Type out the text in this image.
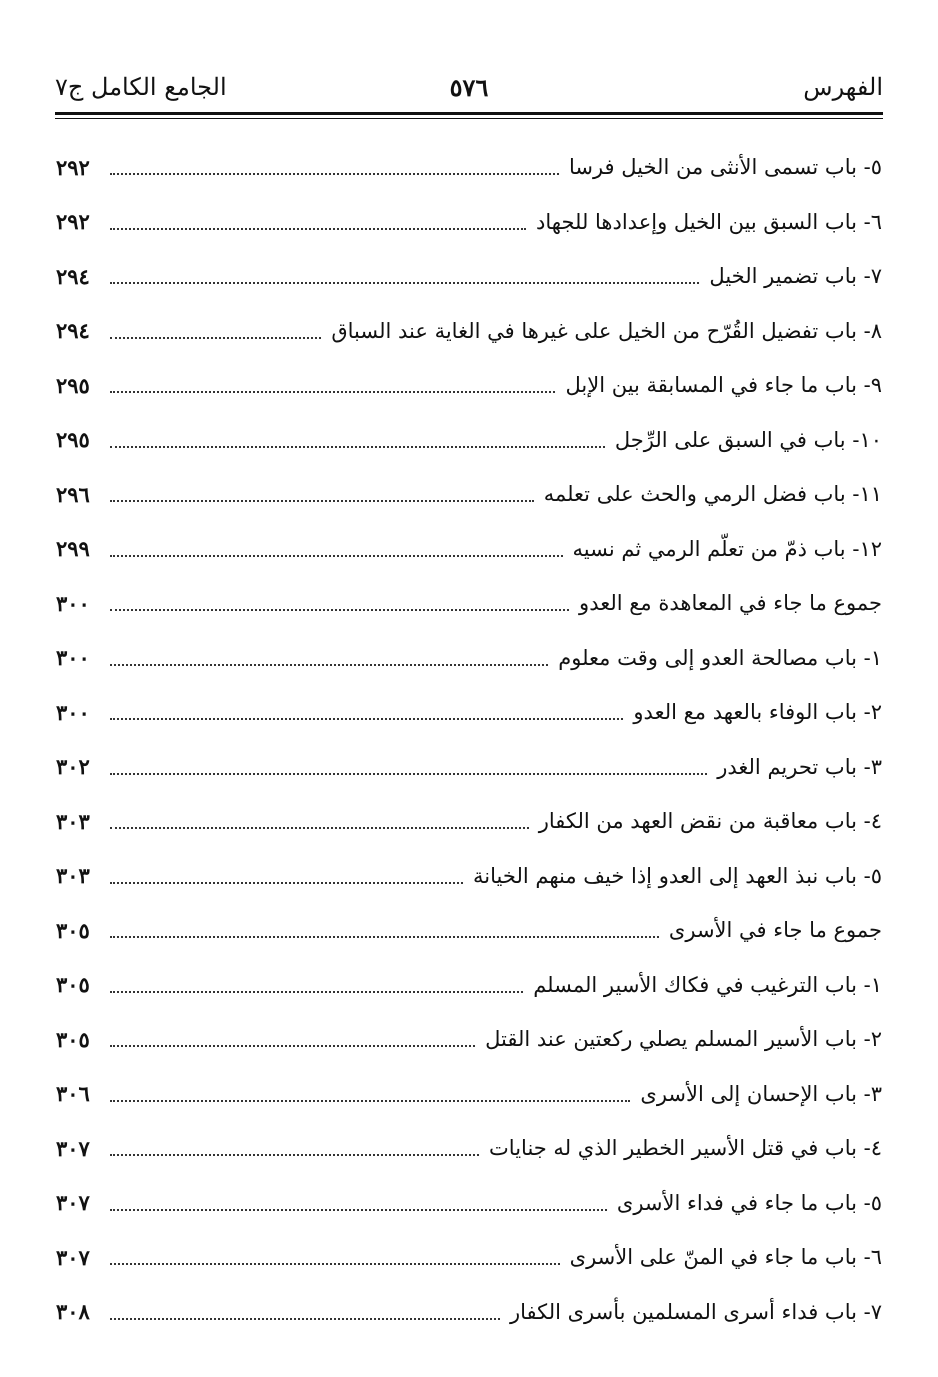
الفهرس
٥٧٦
الجامع الكامل ج٧
٥- باب تسمى الأنثى من الخيل فرسا
٢٩٢
٦- باب السبق بين الخيل وإعدادها للجهاد
٢٩٢
٧- باب تضمير الخيل
٢٩٤
٨- باب تفضيل القُرّح من الخيل على غيرها في الغاية عند السباق
٢٩٤
٩- باب ما جاء في المسابقة بين الإبل
٢٩٥
١٠- باب في السبق على الرِّجل
٢٩٥
١١- باب فضل الرمي والحث على تعلمه
٢٩٦
١٢- باب ذمّ من تعلّم الرمي ثم نسيه
٢٩٩
جموع ما جاء في المعاهدة مع العدو
٣٠٠
١- باب مصالحة العدو إلى وقت معلوم
٣٠٠
٢- باب الوفاء بالعهد مع العدو
٣٠٠
٣- باب تحريم الغدر
٣٠٢
٤- باب معاقبة من نقض العهد من الكفار
٣٠٣
٥- باب نبذ العهد إلى العدو إذا خيف منهم الخيانة
٣٠٣
جموع ما جاء في الأسرى
٣٠٥
١- باب الترغيب في فكاك الأسير المسلم
٣٠٥
٢- باب الأسير المسلم يصلي ركعتين عند القتل
٣٠٥
٣- باب الإحسان إلى الأسرى
٣٠٦
٤- باب في قتل الأسير الخطير الذي له جنايات
٣٠٧
٥- باب ما جاء في فداء الأسرى
٣٠٧
٦- باب ما جاء في المنّ على الأسرى
٣٠٧
٧- باب فداء أسرى المسلمين بأسرى الكفار
٣٠٨
